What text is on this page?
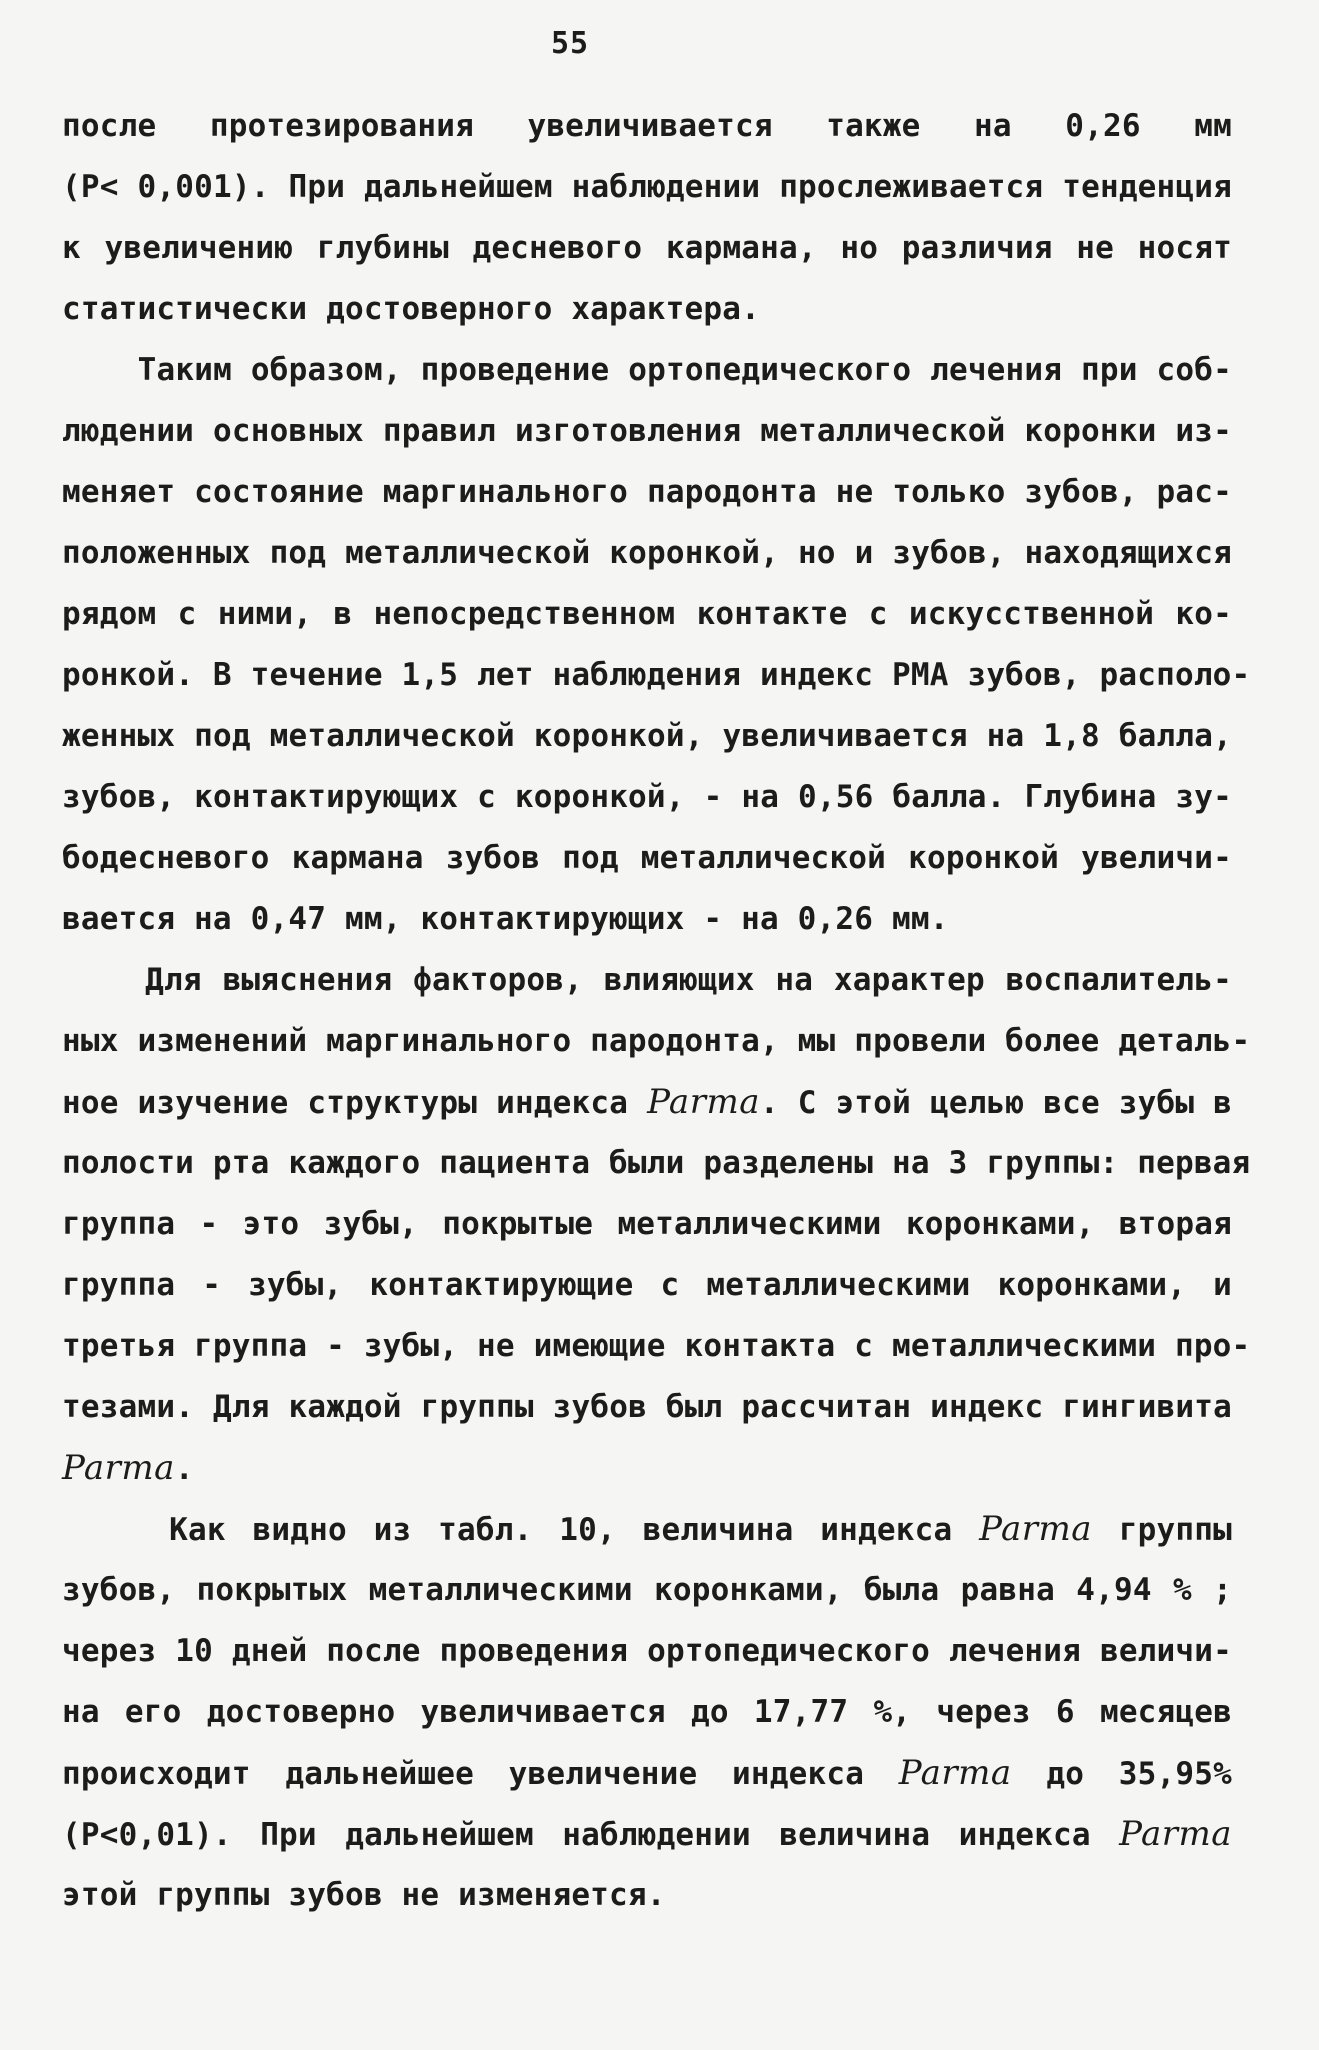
55
после протезирования увеличивается также на 0,26 мм
(P< 0,001). При дальнейшем наблюдении прослеживается тенденция
к увеличению глубины десневого кармана, но различия не носят
статистически достоверного характера.
Таким образом, проведение ортопедического лечения при соб-
людении основных правил изготовления металлической коронки из-
меняет состояние маргинального пародонта не только зубов, рас-
положенных под металлической коронкой, но и зубов, находящихся
рядом с ними, в непосредственном контакте с искусственной ко-
ронкой. В течение 1,5 лет наблюдения индекс РМА зубов, располо-
женных под металлической коронкой, увеличивается на 1,8 балла,
зубов, контактирующих с коронкой, - на 0,56 балла. Глубина зу-
бодесневого кармана зубов под металлической коронкой увеличи-
вается на 0,47 мм, контактирующих - на 0,26 мм.
Для выяснения факторов, влияющих на характер воспалитель-
ных изменений маргинального пародонта, мы провели более деталь-
ное изучение структуры индекса Parma. С этой целью все зубы в
полости рта каждого пациента были разделены на 3 группы: первая
группа - это зубы, покрытые металлическими коронками, вторая
группа - зубы, контактирующие с металлическими коронками, и
третья группа - зубы, не имеющие контакта с металлическими про-
тезами. Для каждой группы зубов был рассчитан индекс гингивита
Parma.
Как видно из табл. 10, величина индекса Parma группы
зубов, покрытых металлическими коронками, была равна 4,94 % ;
через 10 дней после проведения ортопедического лечения величи-
на его достоверно увеличивается до 17,77 %, через 6 месяцев
происходит дальнейшее увеличение индекса Parma до 35,95%
(P<0,01). При дальнейшем наблюдении величина индекса Parma
этой группы зубов не изменяется.
